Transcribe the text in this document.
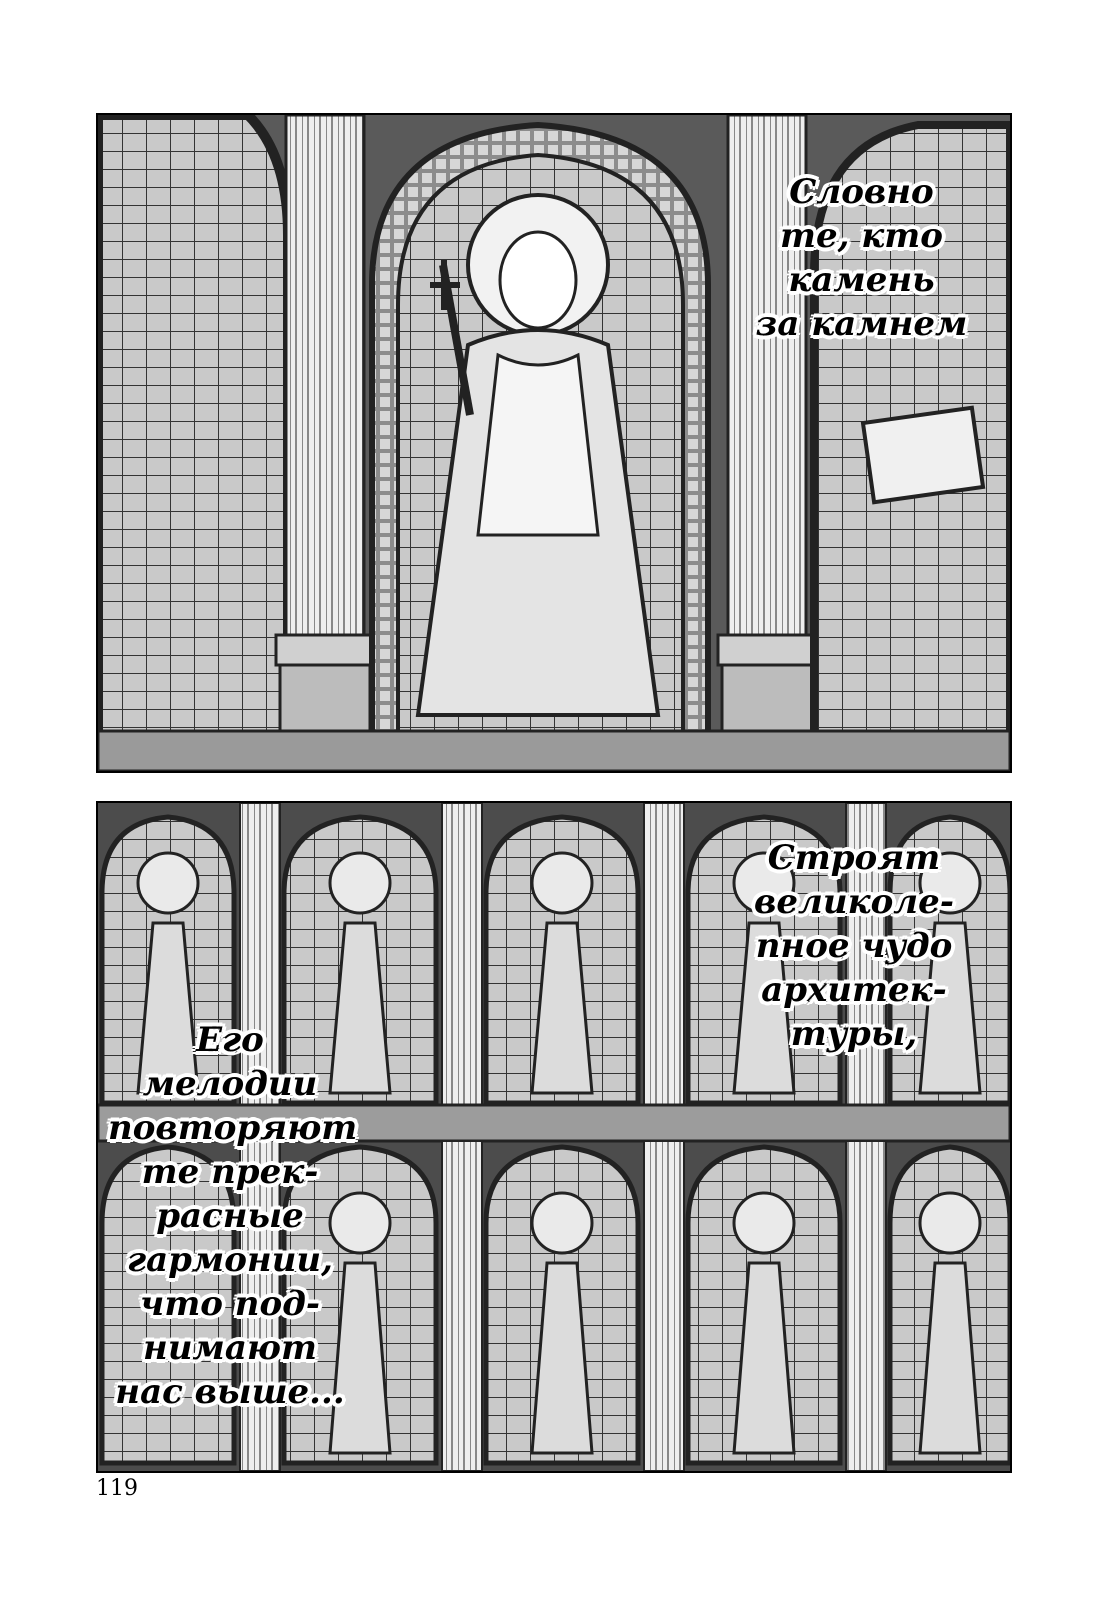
Словно
те, кто
камень
за камнем
Строят
великоле-
пное чудо
архитек-
туры,
Его
мелодии
повторяют
те прек-
расные
гармонии,
что под-
нимают
нас выше...
119
